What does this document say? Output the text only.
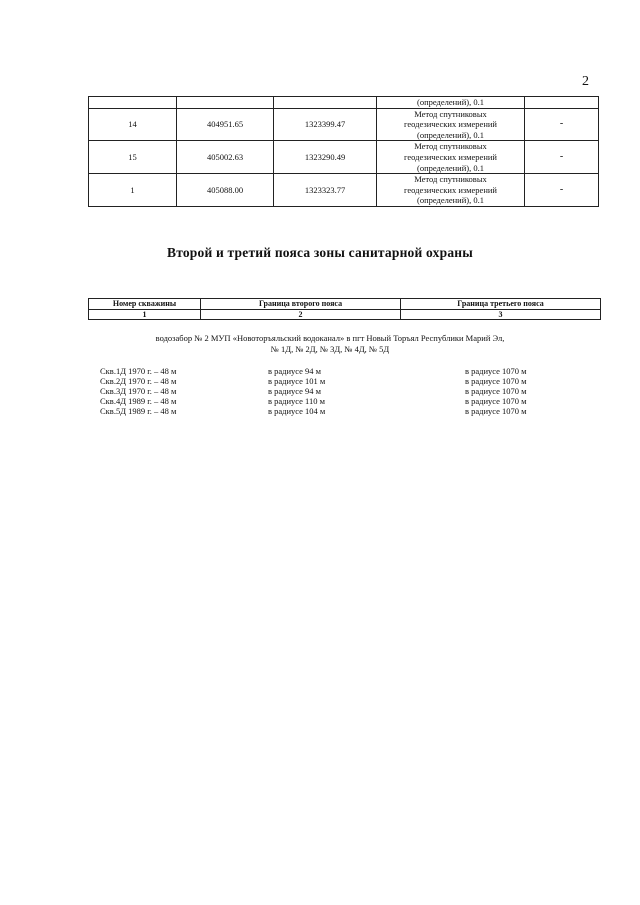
2
			(определений), 0.1	
14	404951.65	1323399.47	Метод спутниковых
геодезических измерений
(определений), 0.1	-
15	405002.63	1323290.49	Метод спутниковых
геодезических измерений
(определений), 0.1	-
1	405088.00	1323323.77	Метод спутниковых
геодезических измерений
(определений), 0.1	-
Второй и третий пояса зоны санитарной охраны
Номер скважины	Граница второго пояса	Граница третьего пояса
1	2	3
водозабор № 2 МУП «Новоторъяльский водоканал» в пгт Новый Торъял Республики Марий Эл,
№ 1Д, № 2Д, № 3Д, № 4Д, № 5Д
Скв.1Д 1970 г. – 48 м	в радиусе 94 м	в радиусе 1070 м
Скв.2Д 1970 г. – 48 м	в радиусе 101 м	в радиусе 1070 м
Скв.3Д 1970 г. – 48 м	в радиусе 94 м	в радиусе 1070 м
Скв.4Д 1989 г. – 48 м	в радиусе 110 м	в радиусе 1070 м
Скв.5Д 1989 г. – 48 м	в радиусе 104 м	в радиусе 1070 м
